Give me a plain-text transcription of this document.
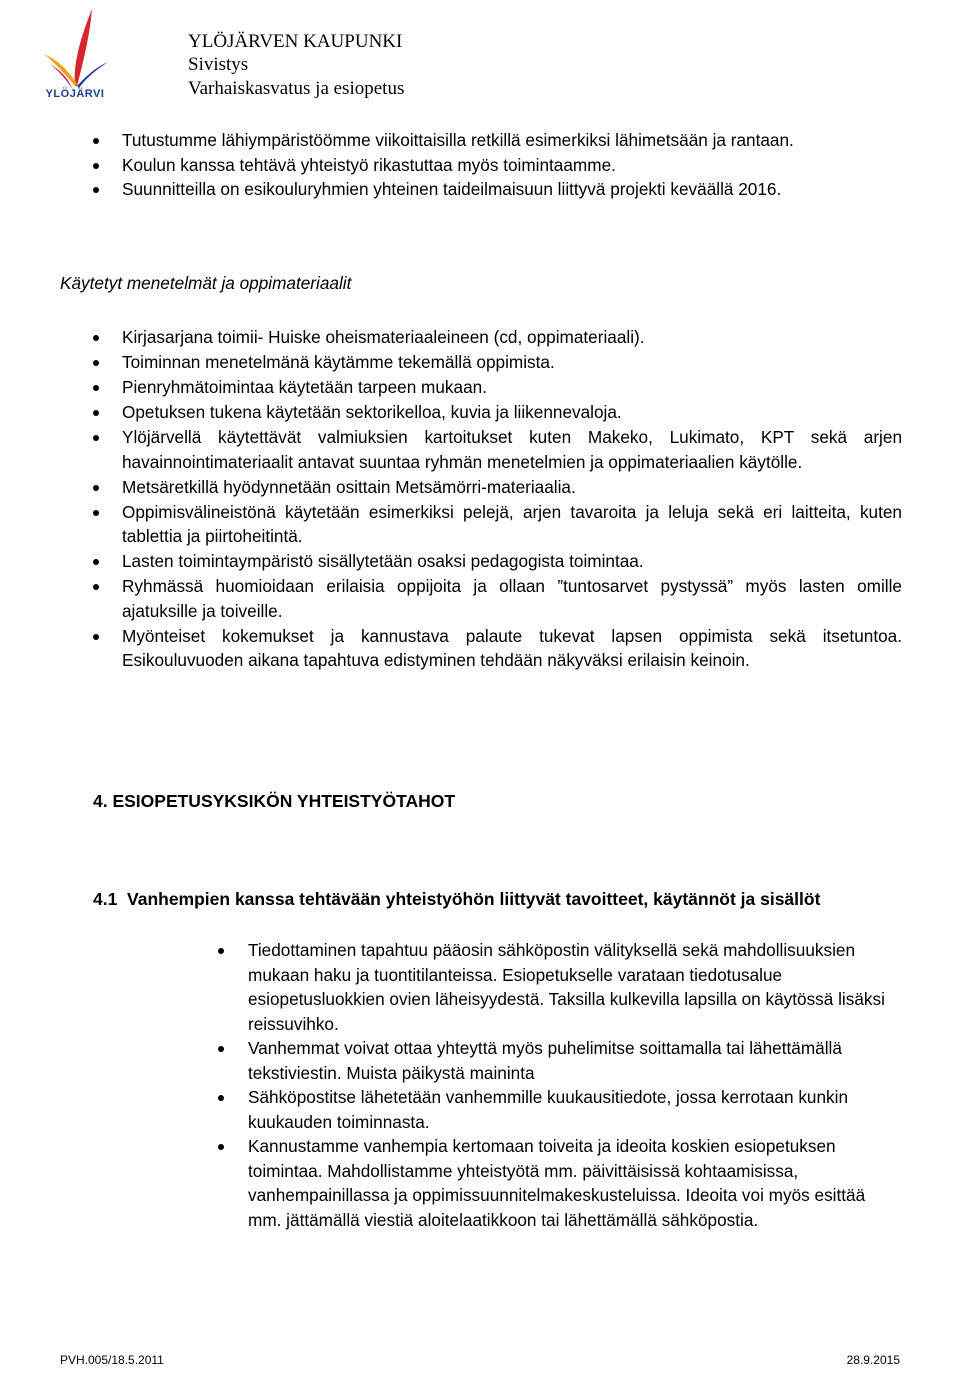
YLÖJÄRVI
YLÖJÄRVEN KAUPUNKI
Sivistys
Varhaiskasvatus ja esiopetus
Tutustumme lähiympäristöömme viikoittaisilla retkillä esimerkiksi lähimetsään ja rantaan.
Koulun kanssa tehtävä yhteistyö rikastuttaa myös toimintaamme.
Suunnitteilla on esikouluryhmien yhteinen taideilmaisuun liittyvä projekti keväällä 2016.
Käytetyt menetelmät ja oppimateriaalit
Kirjasarjana toimii- Huiske oheismateriaaleineen (cd, oppimateriaali).
Toiminnan menetelmänä käytämme tekemällä oppimista.
Pienryhmätoimintaa käytetään tarpeen mukaan.
Opetuksen tukena käytetään sektorikelloa, kuvia ja liikennevaloja.
Ylöjärvellä käytettävät valmiuksien kartoitukset kuten Makeko, Lukimato, KPT sekä arjen havainnointimateriaalit antavat suuntaa ryhmän menetelmien ja oppimateriaalien käytölle.
Metsäretkillä hyödynnetään osittain Metsämörri-materiaalia.
Oppimisvälineistönä käytetään esimerkiksi pelejä, arjen tavaroita ja leluja sekä eri laitteita, kuten tablettia ja piirtoheitintä.
Lasten toimintaympäristö sisällytetään osaksi pedagogista toimintaa.
Ryhmässä huomioidaan erilaisia oppijoita ja ollaan ”tuntosarvet pystyssä” myös lasten omille ajatuksille ja toiveille.
Myönteiset kokemukset ja kannustava palaute tukevat lapsen oppimista sekä itsetuntoa. Esikouluvuoden aikana tapahtuva edistyminen tehdään näkyväksi erilaisin keinoin.
4. ESIOPETUSYKSIKÖN YHTEISTYÖTAHOT
4.1 Vanhempien kanssa tehtävään yhteistyöhön liittyvät tavoitteet, käytännöt ja sisällöt
Tiedottaminen tapahtuu pääosin sähköpostin välityksellä sekä mahdollisuuksien mukaan haku ja tuontitilanteissa. Esiopetukselle varataan tiedotusalue esiopetusluokkien ovien läheisyydestä. Taksilla kulkevilla lapsilla on käytössä lisäksi reissuvihko.
Vanhemmat voivat ottaa yhteyttä myös puhelimitse soittamalla tai lähettämällä tekstiviestin. Muista päikystä maininta
Sähköpostitse lähetetään vanhemmille kuukausitiedote, jossa kerrotaan kunkin kuukauden toiminnasta.
Kannustamme vanhempia kertomaan toiveita ja ideoita koskien esiopetuksen toimintaa. Mahdollistamme yhteistyötä mm. päivittäisissä kohtaamisissa, vanhempainillassa ja oppimissuunnitelmakeskusteluissa. Ideoita voi myös esittää mm. jättämällä viestiä aloitelaatikkoon tai lähettämällä sähköpostia.
PVH.005/18.5.2011	28.9.2015
